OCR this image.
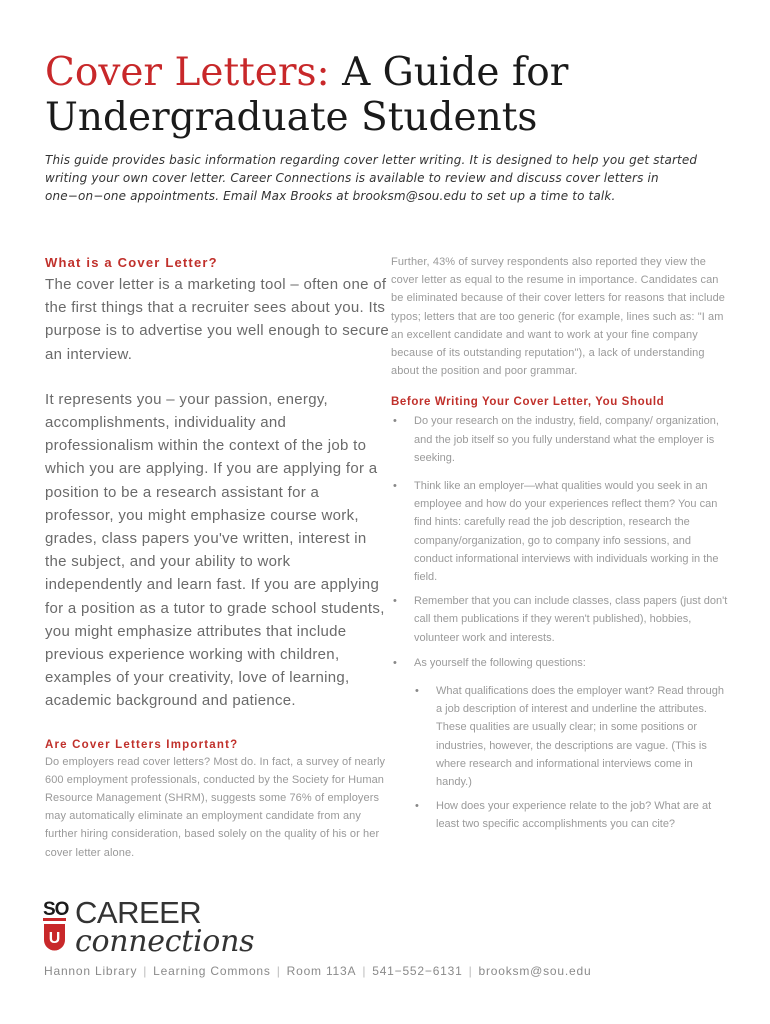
Cover Letters: A Guide for Undergraduate Students

This guide provides basic information regarding cover letter writing. It is designed to help you get started writing your own cover letter. Career Connections is available to review and discuss cover letters in one−on−one appointments. Email Max Brooks at brooksm@sou.edu to set up a time to talk.

What is a Cover Letter?

The cover letter is a marketing tool – often one of the first things that a recruiter sees about you. Its purpose is to advertise you well enough to secure an interview.

It represents you – your passion, energy, accomplishments, individuality and professionalism within the context of the job to which you are applying. If you are applying for a position to be a research assistant for a professor, you might emphasize course work, grades, class papers you've written, interest in the subject, and your ability to work independently and learn fast. If you are applying for a position as a tutor to grade school students, you might emphasize attributes that include previous experience working with children, examples of your creativity, love of learning, academic background and patience.

Are Cover Letters Important?

Do employers read cover letters? Most do. In fact, a survey of nearly 600 employment professionals, conducted by the Society for Human Resource Management (SHRM), suggests some 76% of employers may automatically eliminate an employment candidate from any further hiring consideration, based solely on the quality of his or her cover letter alone.

Further, 43% of survey respondents also reported they view the cover letter as equal to the resume in importance. Candidates can be eliminated because of their cover letters for reasons that include typos; letters that are too generic (for example, lines such as: "I am an excellent candidate and want to work at your fine company because of its outstanding reputation"), a lack of understanding about the position and poor grammar.

Before Writing Your Cover Letter, You Should
• Do your research on the industry, field, company/ organization, and the job itself so you fully understand what the employer is seeking.
• Think like an employer—what qualities would you seek in an employee and how do your experiences reflect them? You can find hints: carefully read the job description, research the company/organization, go to company info sessions, and conduct informational interviews with individuals working in the field.
• Remember that you can include classes, class papers (just don't call them publications if they weren't published), hobbies, volunteer work and interests.
• As yourself the following questions:
• What qualifications does the employer want? Read through a job description of interest and underline the attributes. These qualities are usually clear; in some positions or industries, however, the descriptions are vague. (This is where research and informational interviews come in handy.)
• How does your experience relate to the job? What are at least two specific accomplishments you can cite?
SO
U
CAREER
connections
Hannon Library | Learning Commons | Room 113A | 541−552−6131 | brooksm@sou.edu
